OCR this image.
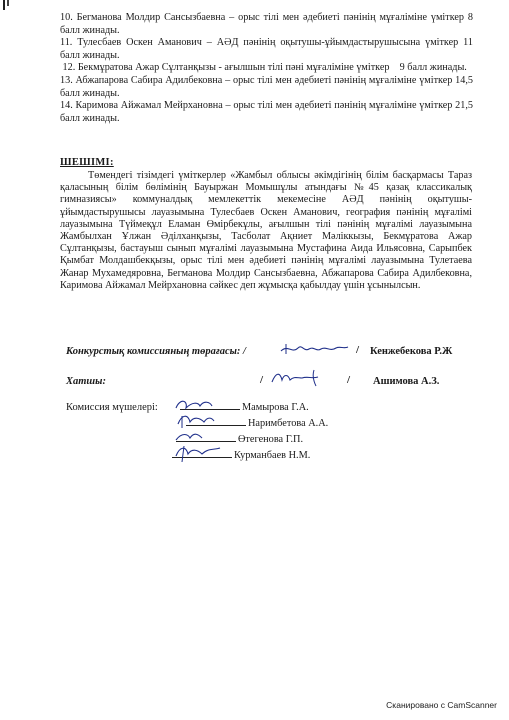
10. Бегманова Молдир Сансызбаевна – орыс тілі мен әдебиеті пәнінің мұғаліміне үміткер 8 балл жинады.

11. Тулесбаев Оскен Аманович – АӘД пәнінің оқытушы-ұйымдастырушысына үміткер 11 балл жинады.

12. Бекмұратова Ажар Сұлтанқызы - ағылшын тілі пәні мұғаліміне үміткер    9 балл жинады.

13. Абжапарова Сабира Адилбековна – орыс тілі мен әдебиеті пәнінің мұғаліміне үміткер 14,5 балл жинады.

14. Каримова Айжамал Мейрхановна – орыс тілі мен әдебиеті пәнінің мұғаліміне үміткер 21,5 балл жинады.

ШЕШІМІ:
Төмендегі тізімдегі үміткерлер «Жамбыл облысы әкімдігінің білім басқармасы Тараз қаласының білім бөлімінің Бауыржан Момышұлы атындағы №45 қазақ классикалық гимназиясы» коммуналдық мемлекеттік мекемесіне АӘД пәнінің оқытушы-ұйымдастырушысы лауазымына Тулесбаев Оскен Аманович, география пәнінің мұғалімі лауазымына Түймеқұл Еламан Өмірбекұлы, ағылшын тілі пәнінің мұғалімі лауазымына Жамбылхан Ұлжан Әділханқызы, Тасболат Ақниет Мәліккызы, Бекмұратова Ажар Сұлтанқызы, бастауыш сынып мұғалімі лауазымына Мустафина Аида Ильясовна, Сарыпбек Қымбат Молдашбекқызы, орыс тілі мен әдебиеті пәнінің мұғалімі лауазымына Тулетаева Жанар Мухамедяровна, Бегманова Молдир Сансызбаевна, Абжапарова Сабира Адилбековна, Каримова Айжамал Мейрхановна сәйкес деп жұмысқа қабылдау үшін ұсынылсын.
Конкурстық комиссияның төрағасы: /	/ Кенжебекова Р.Ж
Хатшы:	/	/ Ашимова А.З.
Комиссия мүшелері:	Мамырова Г.А.
Наримбетова А.А.
Өтегенова Г.П.
Курманбаев Н.М.
Сканировано с CamScanner
